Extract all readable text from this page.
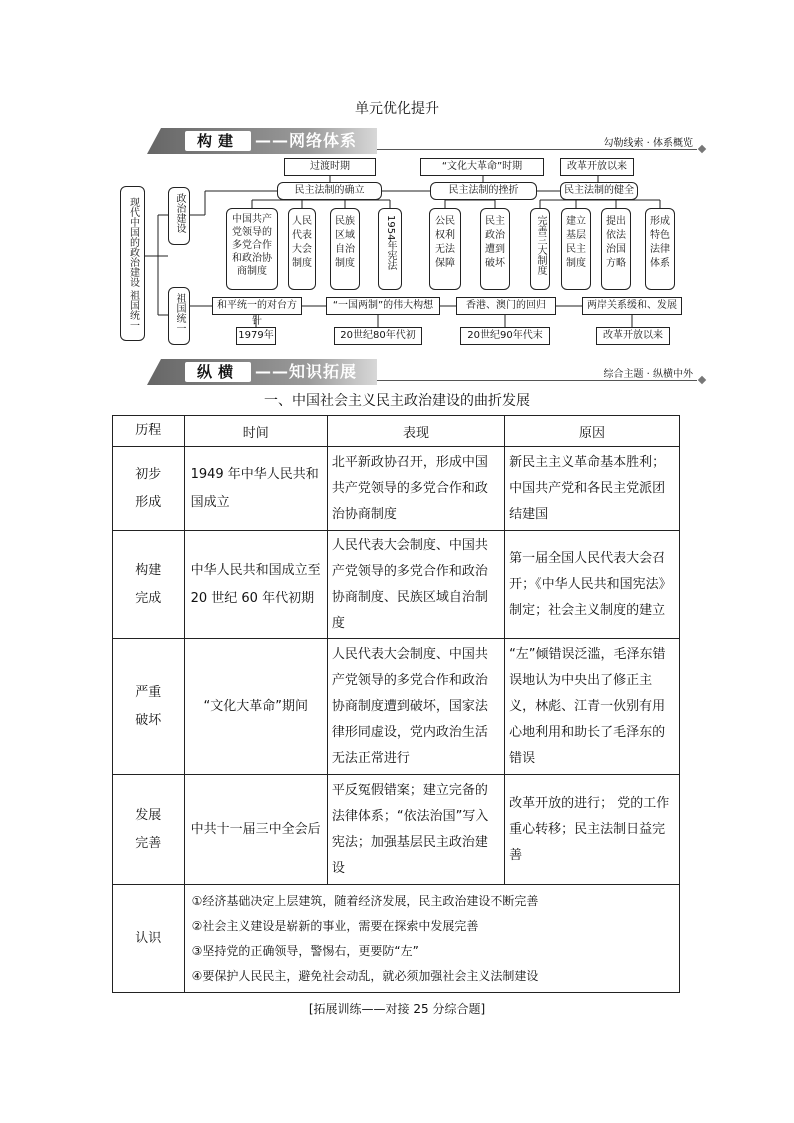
单元优化提升
构建	——网络体系	勾勒线索 · 体系概览
现代中国的政治建设 祖国统一	政治建设
祖国统一
过渡时期	“文化大革命”时期	改革开放以来
民主法制的确立	民主法制的挫折	民主法制的健全
中国共产党领导的多党合作和政治协商制度
人民代表大会制度
民族区域自治制度	1954年宪法	公民权利无法保障
民主政治遭到破坏	完善三大制度	建立基层民主制度
提出依法治国方略
形成特色法律体系
和平统一的对台方针
“一国两制”的伟大构想	香港、澳门的回归	两岸关系缓和、发展
1979年	20世纪80年代初	20世纪90年代末	改革开放以来
纵横	——知识拓展	综合主题 · 纵横中外
一、中国社会主义民主政治建设的曲折发展
历程	时间	表现	原因

初步形成	1949 年中华人民共和国成立	北平新政协召开，形成中国共产党领导的多党合作和政治协商制度	新民主主义革命基本胜利；中国共产党和各民主党派团结建国

构建完成	中华人民共和国成立至 20 世纪 60 年代初期	人民代表大会制度、中国共产党领导的多党合作和政治协商制度、民族区域自治制度	第一届全国人民代表大会召开；《中华人民共和国宪法》制定；社会主义制度的建立

严重破坏	“文化大革命”期间	人民代表大会制度、中国共产党领导的多党合作和政治协商制度遭到破坏，国家法律形同虚设，党内政治生活无法正常进行	“左”倾错误泛滥，毛泽东错误地认为中央出了修正主义，林彪、江青一伙别有用心地利用和助长了毛泽东的错误

发展完善	中共十一届三中全会后	平反冤假错案；建立完备的法律体系；“依法治国”写入宪法；加强基层民主政治建设	改革开放的进行； 党的工作重心转移；民主法制日益完善
认识	①经济基础决定上层建筑，随着经济发展，民主政治建设不断完善
②社会主义建设是崭新的事业，需要在探索中发展完善
③坚持党的正确领导，警惕右，更要防“左”
④要保护人民民主，避免社会动乱，就必须加强社会主义法制建设		
[拓展训练——对接 25 分综合题]
